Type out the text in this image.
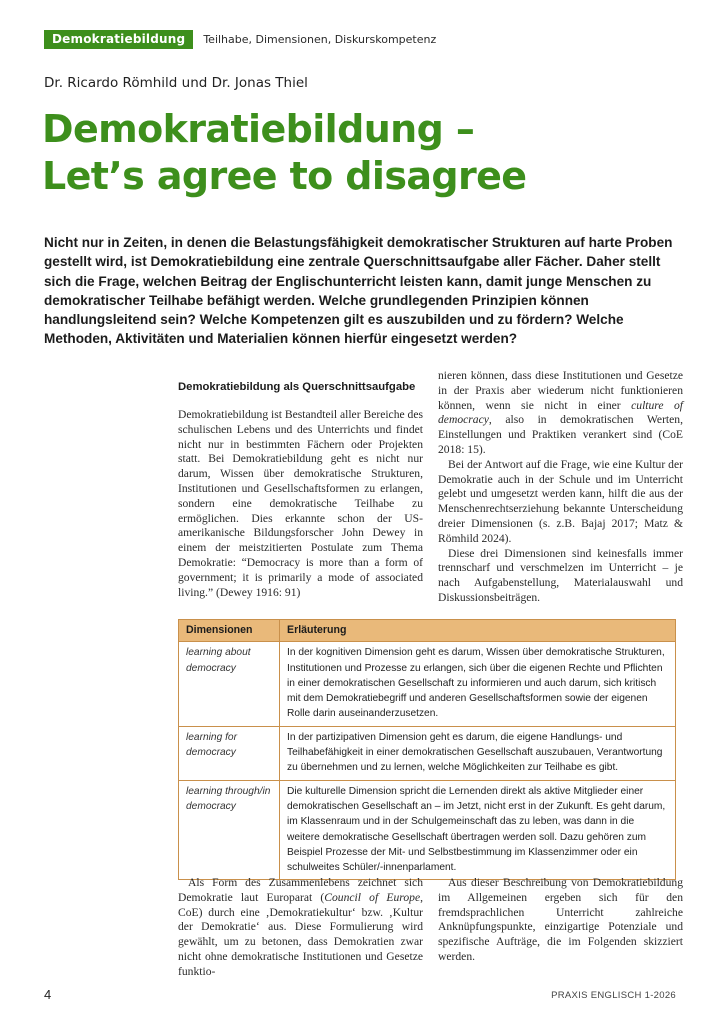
Demokratiebildung	Teilhabe, Dimensionen, Diskurskompetenz
Dr. Ricardo Römhild und Dr. Jonas Thiel
Demokratiebildung –
Let’s agree to disagree

Nicht nur in Zeiten, in denen die Belastungsfähigkeit demokratischer Strukturen auf harte Proben gestellt wird, ist Demokratiebildung eine zentrale Querschnittsaufgabe aller Fächer. Daher stellt sich die Frage, welchen Beitrag der Englischunterricht leisten kann, damit junge Menschen zu demokratischer Teilhabe befähigt werden. Welche grundlegenden Prinzipien können handlungsleitend sein? Welche Kompetenzen gilt es auszubilden und zu fördern? Welche Methoden, Aktivitäten und Materialien können hierfür eingesetzt werden?

Demokratiebildung als Querschnittsaufgabe

Demokratiebildung ist Bestandteil aller Bereiche des schulischen Lebens und des Unterrichts und findet nicht nur in bestimmten Fächern oder Projekten statt. Bei Demokratiebildung geht es nicht nur darum, Wissen über demokratische Strukturen, Institutionen und Gesellschaftsformen zu erlangen, sondern eine demokratische Teilhabe zu ermöglichen. Dies erkannte schon der US-amerikanische Bildungsforscher John Dewey in einem der meistzitierten Postulate zum Thema Demokratie: “Democracy is more than a form of government; it is primarily a mode of associated living.” (Dewey 1916: 91)

nieren können, dass diese Institutionen und Gesetze in der Praxis aber wiederum nicht funktionieren können, wenn sie nicht in einer culture of democracy, also in demokratischen Werten, Einstellungen und Praktiken verankert sind (CoE 2018: 15).

Bei der Antwort auf die Frage, wie eine Kultur der Demokratie auch in der Schule und im Unterricht gelebt und umgesetzt werden kann, hilft die aus der Menschenrechtserziehung bekannte Unterscheidung dreier Dimensionen (s. z.B. Bajaj 2017; Matz & Römhild 2024).

Diese drei Dimensionen sind keinesfalls immer trennscharf und verschmelzen im Unterricht – je nach Aufgabenstellung, Materialauswahl und Diskussionsbeiträgen.

Dimensionen	Erläuterung
learning about democracy	In der kognitiven Dimension geht es darum, Wissen über demokratische Strukturen, Institutionen und Prozesse zu erlangen, sich über die eigenen Rechte und Pflichten in einer demokratischen Gesellschaft zu informieren und auch darum, sich kritisch mit dem Demokratiebegriff und anderen Gesellschaftsformen sowie der eigenen Rolle darin auseinanderzusetzen.
learning for democracy	In der partizipativen Dimension geht es darum, die eigene Handlungs- und Teilhabefähigkeit in einer demokratischen Gesellschaft auszubauen, Verantwortung zu übernehmen und zu lernen, welche Möglichkeiten zur Teilhabe es gibt.
learning through/in democracy	Die kulturelle Dimension spricht die Lernenden direkt als aktive Mitglieder einer demokratischen Gesellschaft an – im Jetzt, nicht erst in der Zukunft. Es geht darum, im Klassenraum und in der Schulgemeinschaft das zu leben, was dann in die weitere demokratische Gesellschaft übertragen werden soll. Dazu gehören zum Beispiel Prozesse der Mit- und Selbstbestimmung im Klassenzimmer oder ein schulweites Schüler/-innenparlament.

Als Form des Zusammenlebens zeichnet sich Demokratie laut Europarat (Council of Europe, CoE) durch eine ‚Demokratiekultur‘ bzw. ‚Kultur der Demokratie‘ aus. Diese Formulierung wird gewählt, um zu betonen, dass Demokratien zwar nicht ohne demokratische Institutionen und Gesetze funktio-

Aus dieser Beschreibung von Demokratiebildung im Allgemeinen ergeben sich für den fremdsprachlichen Unterricht zahlreiche Anknüpfungspunkte, einzigartige Potenziale und spezifische Aufträge, die im Folgenden skizziert werden.

4	PRAXIS ENGLISCH 1-2026
